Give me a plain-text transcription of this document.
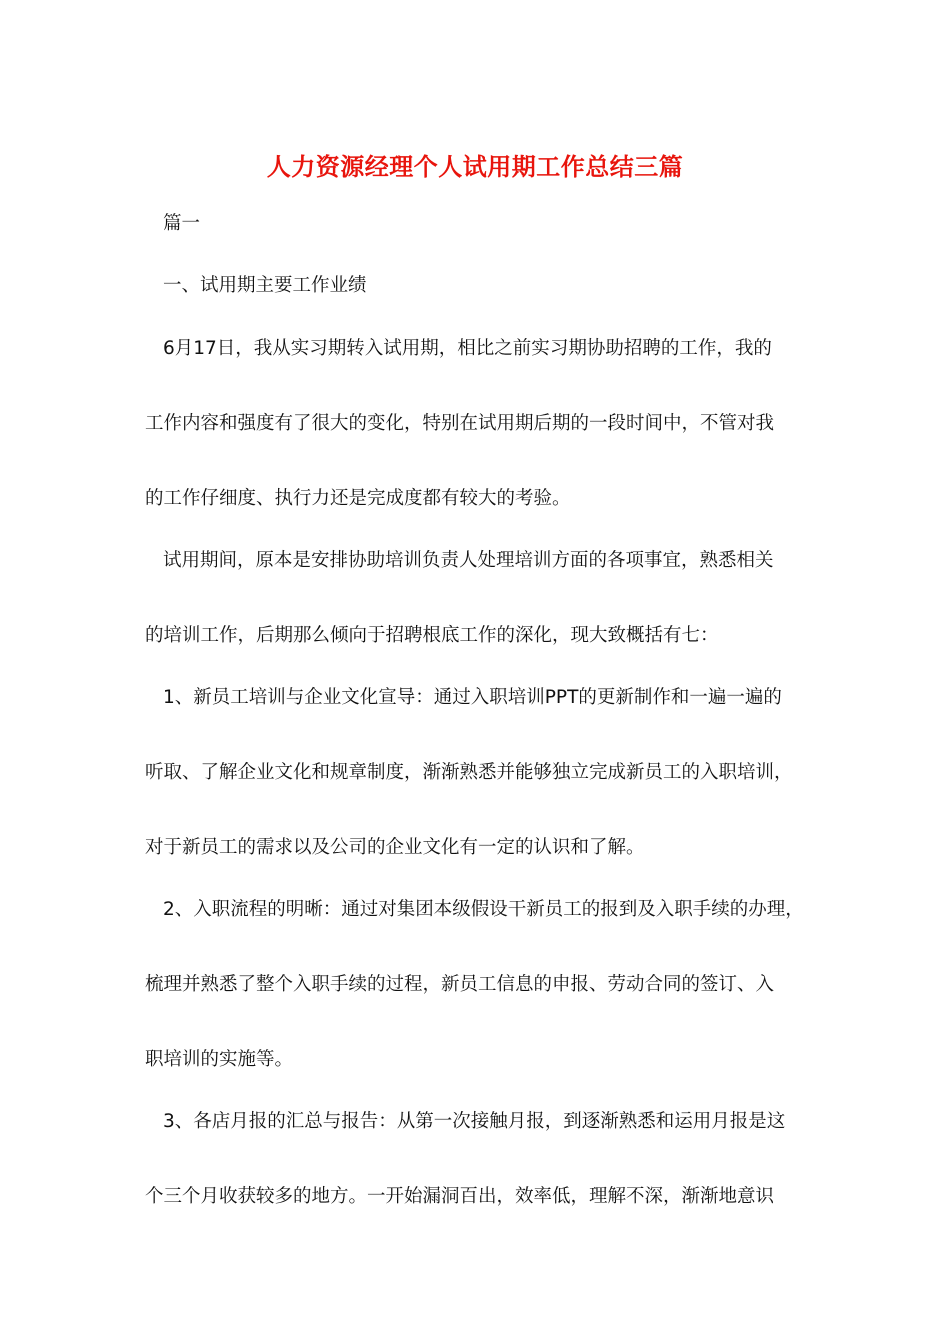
人力资源经理个人试用期工作总结三篇
篇一
一、试用期主要工作业绩
6月17日，我从实习期转入试用期，相比之前实习期协助招聘的工作，我的
工作内容和强度有了很大的变化，特别在试用期后期的一段时间中，不管对我
的工作仔细度、执行力还是完成度都有较大的考验。
试用期间，原本是安排协助培训负责人处理培训方面的各项事宜，熟悉相关
的培训工作，后期那么倾向于招聘根底工作的深化，现大致概括有七：
1、新员工培训与企业文化宣导：通过入职培训PPT的更新制作和一遍一遍的
听取、了解企业文化和规章制度，渐渐熟悉并能够独立完成新员工的入职培训，
对于新员工的需求以及公司的企业文化有一定的认识和了解。
2、入职流程的明晰：通过对集团本级假设干新员工的报到及入职手续的办理，
梳理并熟悉了整个入职手续的过程，新员工信息的申报、劳动合同的签订、入
职培训的实施等。
3、各店月报的汇总与报告：从第一次接触月报，到逐渐熟悉和运用月报是这
个三个月收获较多的地方。一开始漏洞百出，效率低，理解不深，渐渐地意识
